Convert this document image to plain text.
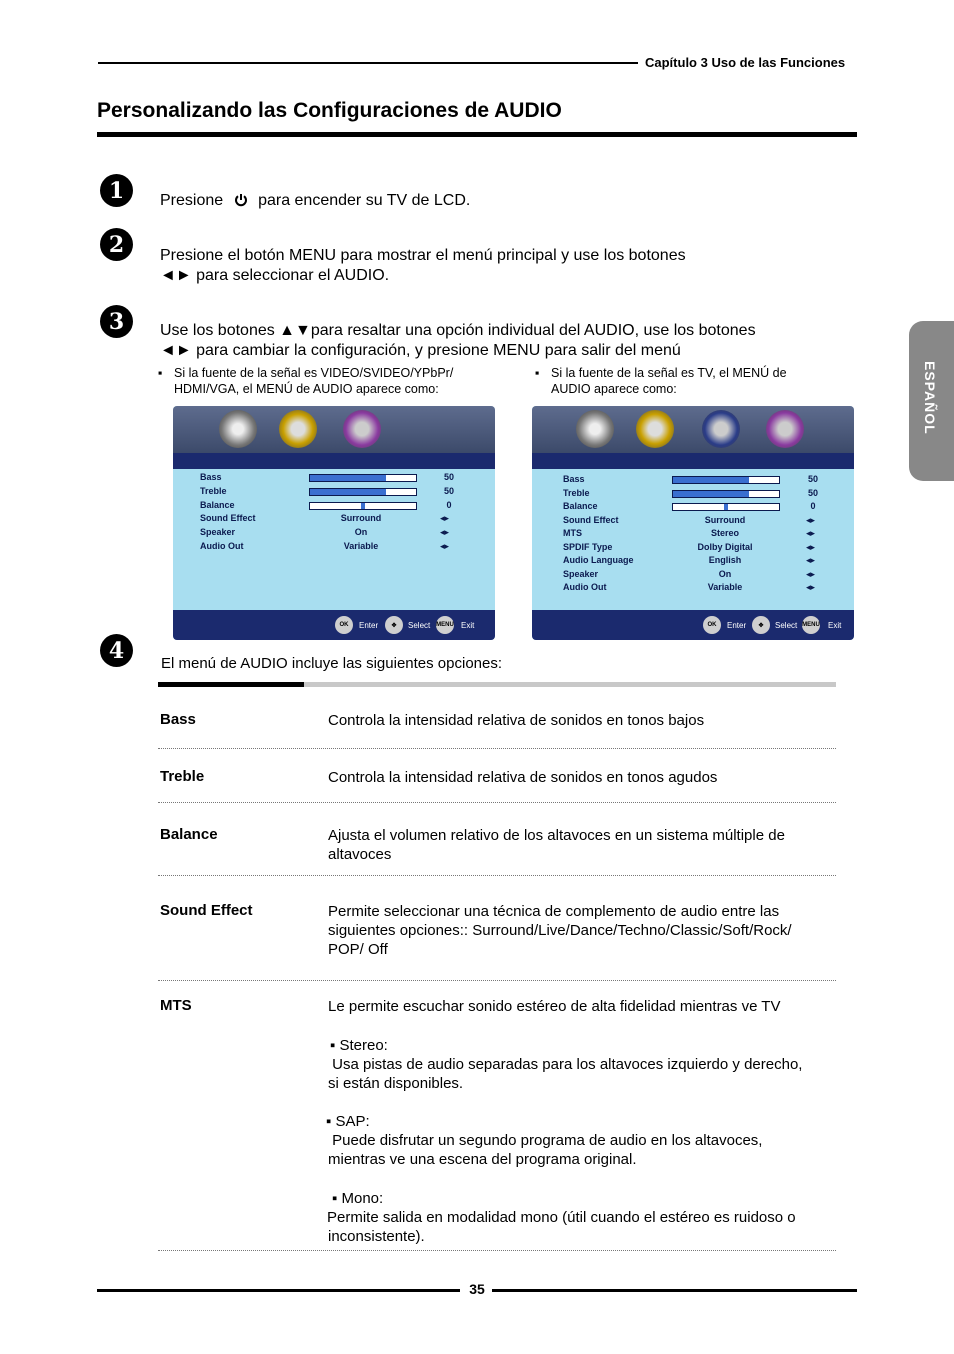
Capítulo 3 Uso de las Funciones
Personalizando las Configuraciones de AUDIO
ESPAÑOL
1	Presione para encender su TV de LCD.
2	Presione el botón MENU para mostrar el menú principal y use los botones
◄► para seleccionar el AUDIO.
3	Use los botones ▲▼para resaltar una opción individual del AUDIO, use los botones
◄► para cambiar la configuración, y presione MENU para salir del menú
▪ Si la fuente de la señal es VIDEO/SVIDEO/YPbPr/
HDMI/VGA, el MENÚ de AUDIO aparece como:
▪ Si la fuente de la señal es TV, el MENÚ de
AUDIO aparece como:
Bass	50
Treble	50
Balance	0
Sound Effect	Surround	◂▸
Speaker	On	◂▸
Audio Out	Variable	◂▸
OK	Enter	✥	Select MENU Exit
Bass	50
Treble	50
Balance	0
Sound Effect	Surround	◂▸
MTS	Stereo	◂▸
SPDIF Type	Dolby Digital	◂▸
Audio Language	English	◂▸
Speaker	On	◂▸
Audio Out	Variable	◂▸
OK	Enter	✥	Select MENU Exit
4	El menú de AUDIO incluye las siguientes opciones:
Bass	Controla la intensidad relativa de sonidos en tonos bajos
Treble	Controla la intensidad relativa de sonidos en tonos agudos
Balance	Ajusta el volumen relativo de los altavoces en un sistema múltiple de
altavoces
Sound Effect	Permite seleccionar una técnica de complemento de audio entre las
siguientes opciones:: Surround/Live/Dance/Techno/Classic/Soft/Rock/
POP/ Off
MTS	Le permite escuchar sonido estéreo de alta fidelidad mientras ve TV
▪ Stereo:
Usa pistas de audio separadas para los altavoces izquierdo y derecho,
si están disponibles.
▪ SAP:
Puede disfrutar un segundo programa de audio en los altavoces,
mientras ve una escena del programa original.
▪ Mono:
Permite salida en modalidad mono (útil cuando el estéreo es ruidoso o
inconsistente).
35
